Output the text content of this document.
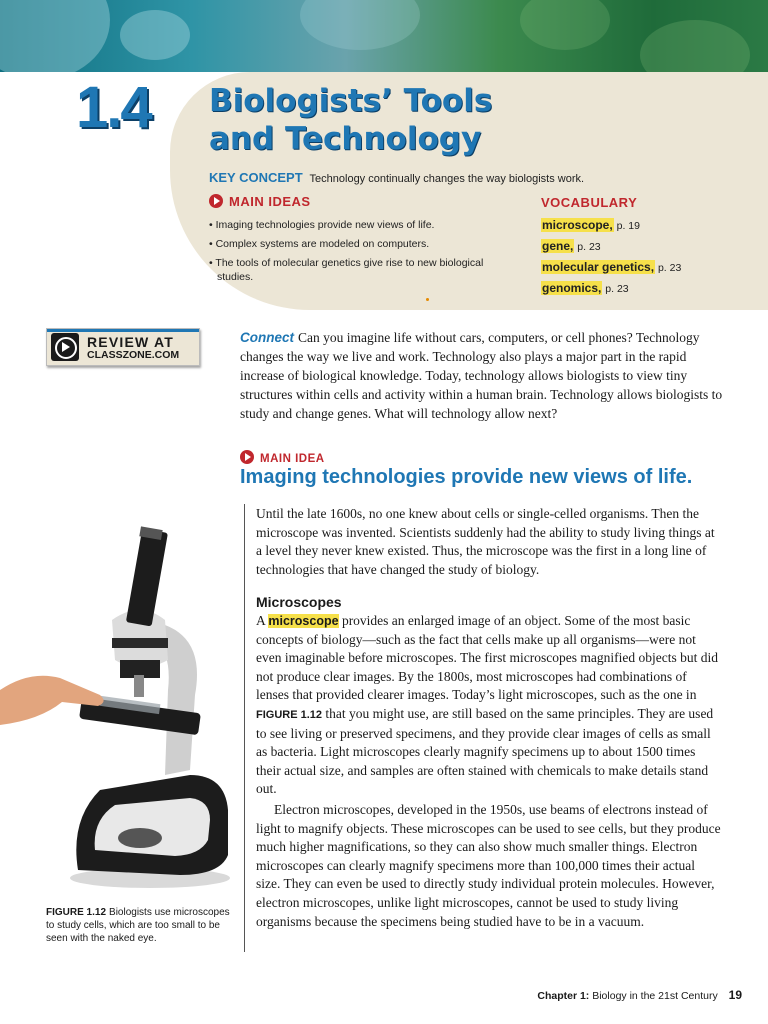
1.4 Biologists’ Tools
and Technology
KEY CONCEPT Technology continually changes the way biologists work.
MAIN IDEAS
• Imaging technologies provide new views of life.
• Complex systems are modeled on computers.
• The tools of molecular genetics give rise to new biological studies.
VOCABULARY
microscope, p. 19
gene, p. 23
molecular genetics, p. 23
genomics, p. 23
REVIEW AT
CLASSZONE.COM

Connect Can you imagine life without cars, computers, or cell phones? Technology changes the way we live and work. Technology also plays a major part in the rapid increase of biological knowledge. Today, technology allows biologists to view tiny structures within cells and activity within a human brain. Technology allows biologists to study and change genes. What will technology allow next?

MAIN IDEA
Imaging technologies provide new views of life.

Until the late 1600s, no one knew about cells or single-celled organisms. Then the microscope was invented. Scientists suddenly had the ability to study living things at a level they never knew existed. Thus, the microscope was the first in a long line of technologies that have changed the study of biology.

Microscopes

A microscope provides an enlarged image of an object. Some of the most basic concepts of biology—such as the fact that cells make up all organisms—were not even imaginable before microscopes. The first microscopes magnified objects but did not produce clear images. By the 1800s, most microscopes had combinations of lenses that provided clearer images. Today’s light microscopes, such as the one in FIGURE 1.12 that you might use, are still based on the same principles. They are used to see living or preserved specimens, and they provide clear images of cells as small as bacteria. Light microscopes clearly magnify specimens up to about 1500 times their actual size, and samples are often stained with chemicals to make details stand out.

Electron microscopes, developed in the 1950s, use beams of electrons instead of light to magnify objects. These microscopes can be used to see cells, but they produce much higher magnifications, so they can also show much smaller things. Electron microscopes can clearly magnify specimens more than 100,000 times their actual size. They can even be used to directly study individual protein molecules. However, electron microscopes, unlike light microscopes, cannot be used to study living organisms because the specimens being studied have to be in a vacuum.

FIGURE 1.12 Biologists use microscopes to study cells, which are too small to be seen with the naked eye.

Chapter 1: Biology in the 21st Century 19
